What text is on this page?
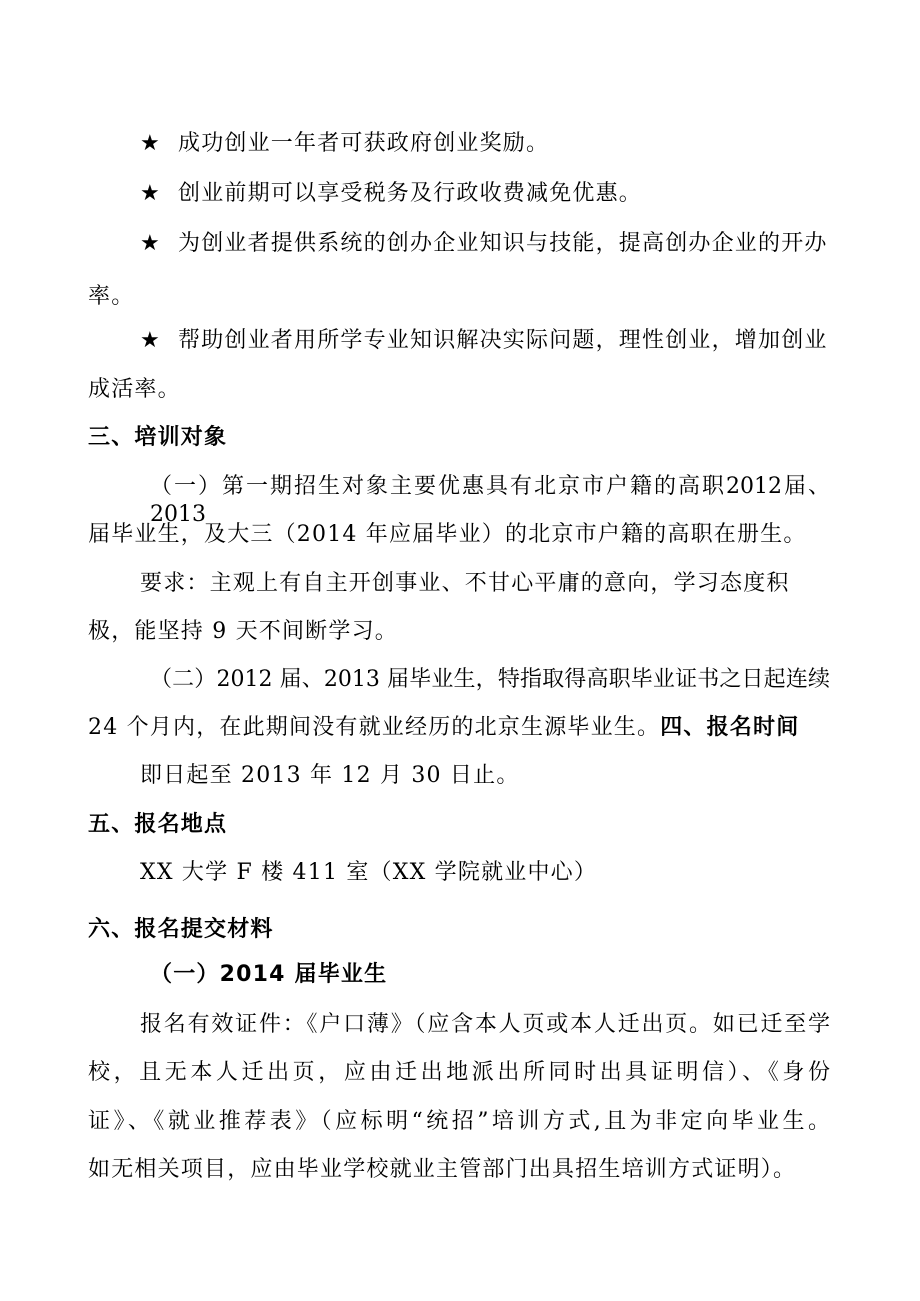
★ 成功创业一年者可获政府创业奖励。
★ 创业前期可以享受税务及行政收费减免优惠。
★ 为创业者提供系统的创办企业知识与技能，提高创办企业的开办
率。
★ 帮助创业者用所学专业知识解决实际问题，理性创业，增加创业
成活率。
三、培训对象
（一）第一期招生对象主要优惠具有北京市户籍的高职2012届、2013
届毕业生，及大三（2014 年应届毕业）的北京市户籍的高职在册生。
要求：主观上有自主开创事业、不甘心平庸的意向，学习态度积
极，能坚持 9 天不间断学习。
（二）2012 届、2013 届毕业生，特指取得高职毕业证书之日起连续
24 个月内，在此期间没有就业经历的北京生源毕业生。四、报名时间
即日起至 2013 年 12 月 30 日止。
五、报名地点
XX 大学 F 楼 411 室（XX 学院就业中心）
六、报名提交材料
（一）2014 届毕业生
报名有效证件：《户口薄》（应含本人页或本人迁出页。如已迁至学
校，且无本人迁出页，应由迁出地派出所同时出具证明信）、《身份
证》、《就业推荐表》（应标明“统招”培训方式,且为非定向毕业生。
如无相关项目，应由毕业学校就业主管部门出具招生培训方式证明）。
